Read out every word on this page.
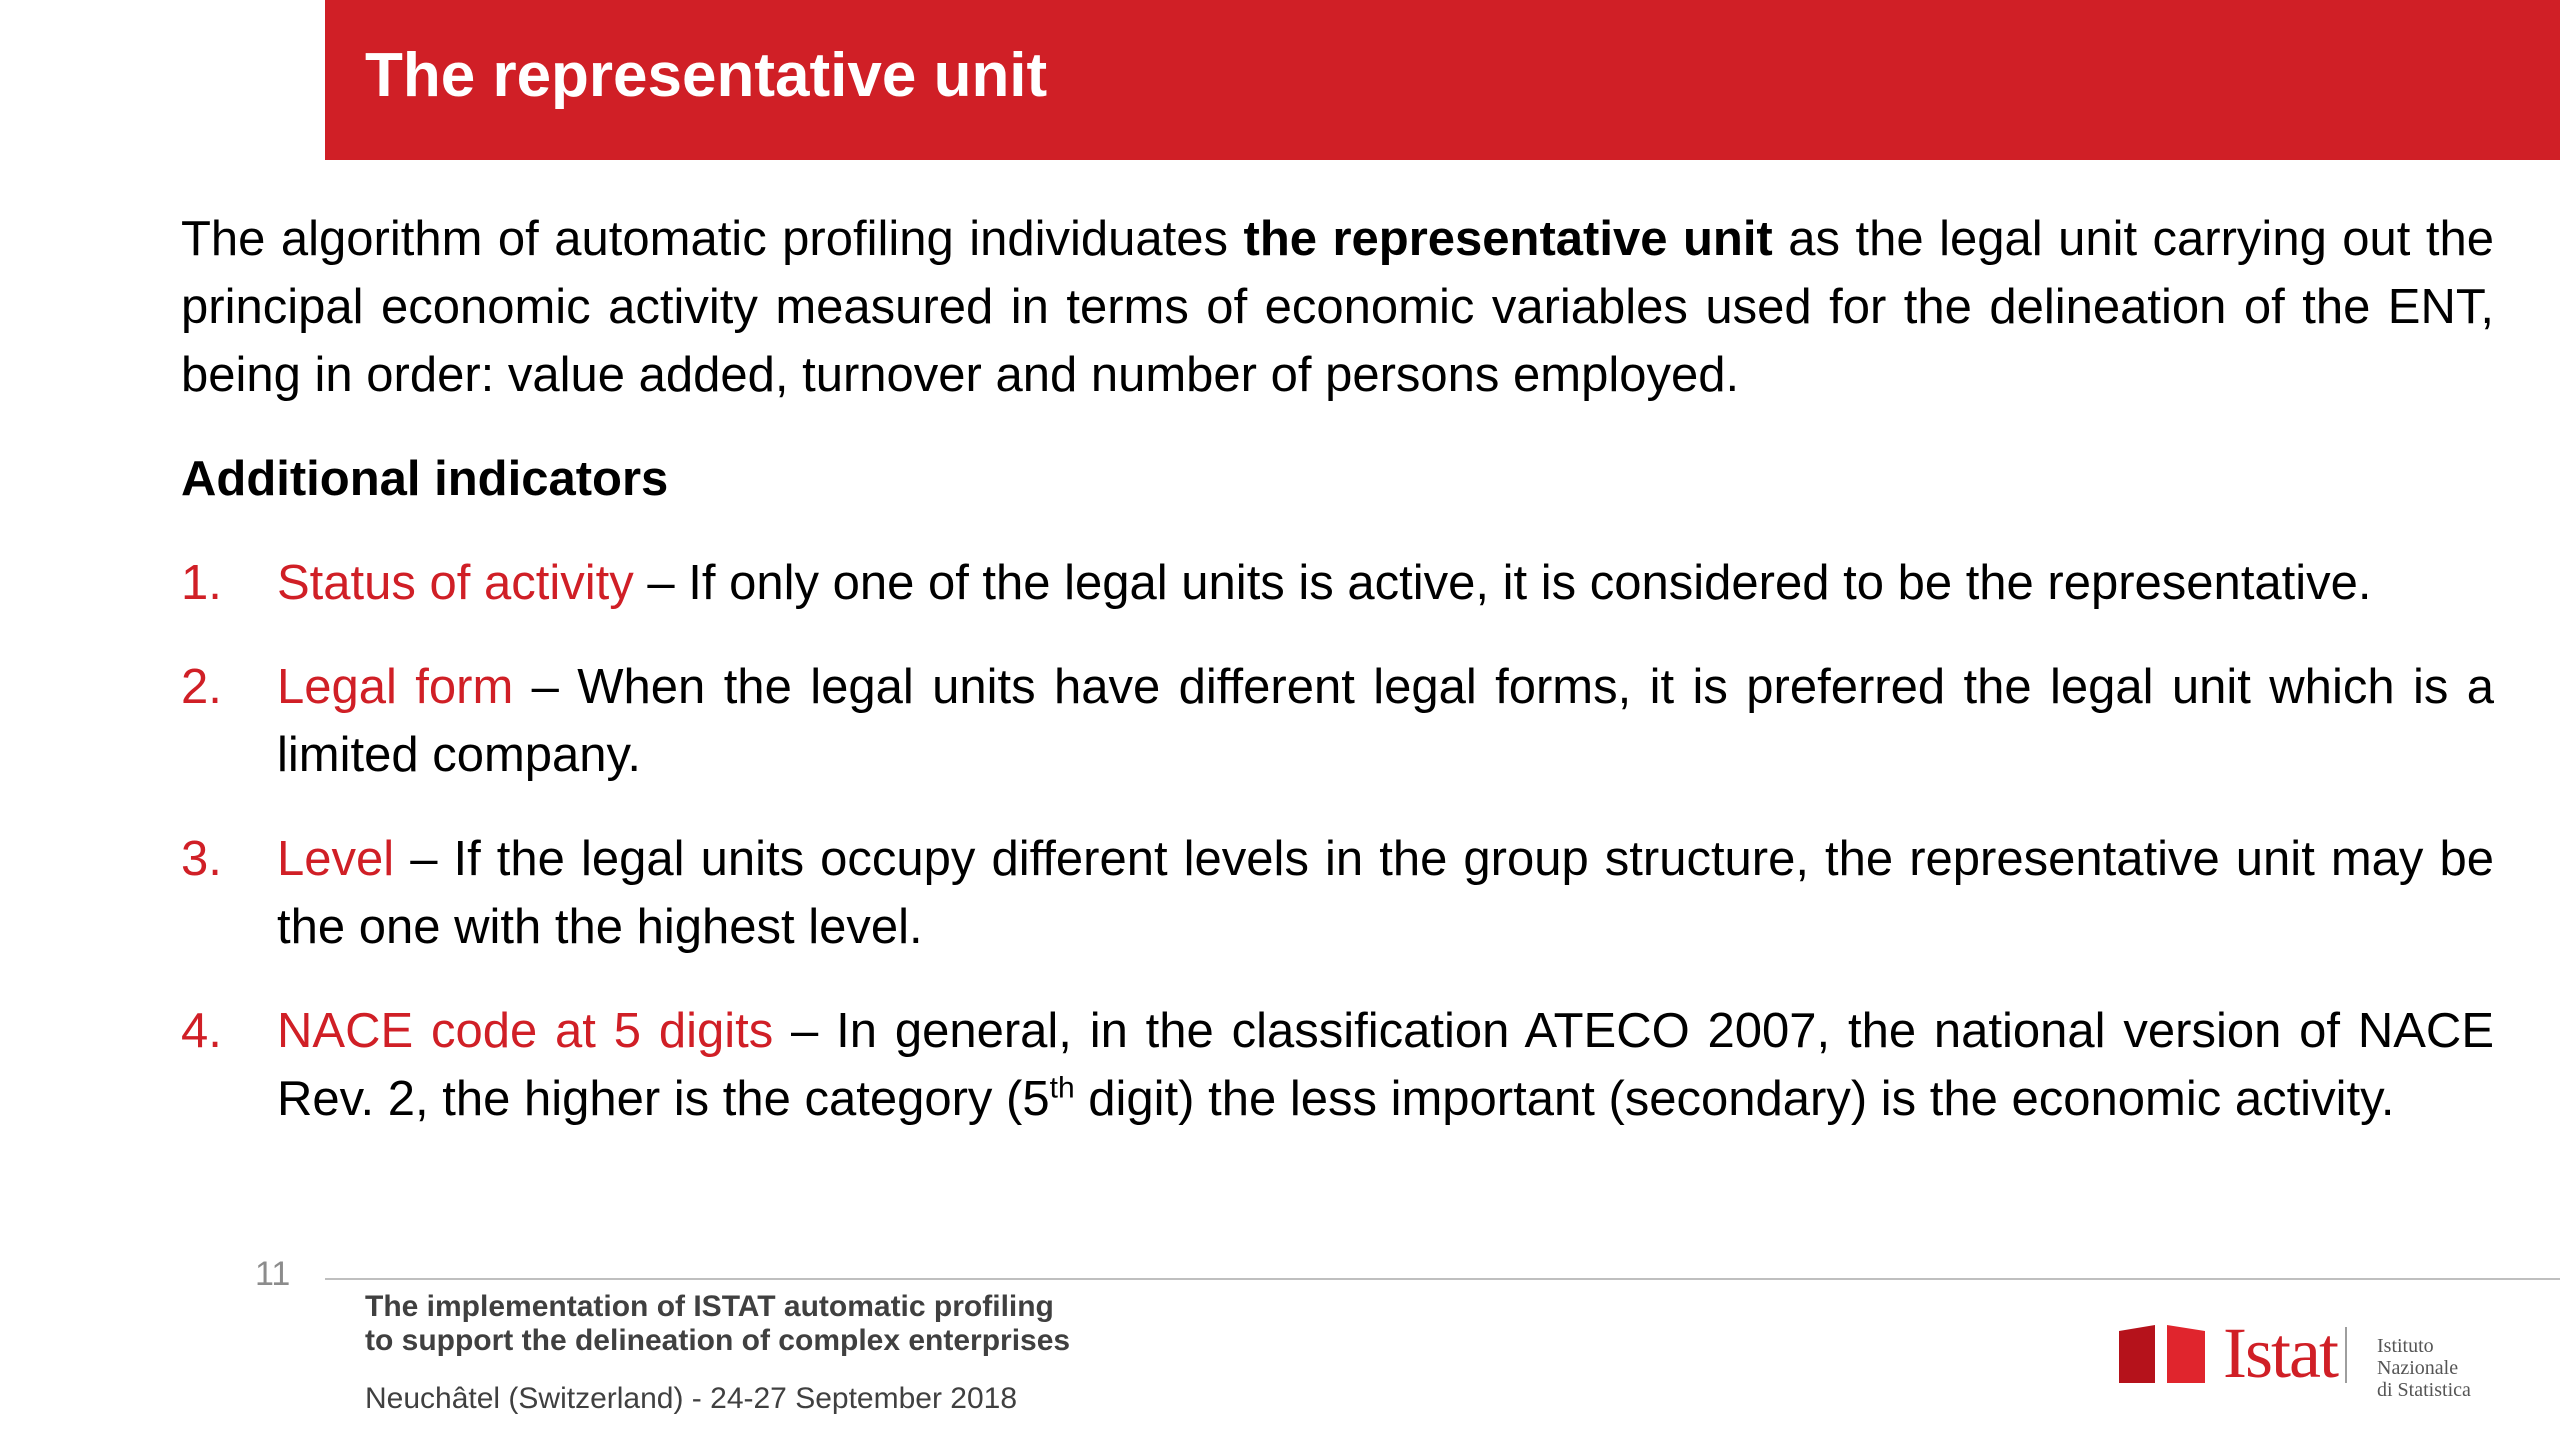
The representative unit

The algorithm of automatic profiling individuates the representative unit as the legal unit carrying out the principal economic activity measured in terms of economic variables used for the delineation of the ENT, being in order: value added, turnover and number of persons employed.

Additional indicators
1. Status of activity – If only one of the legal units is active, it is considered to be the representative.
2. Legal form – When the legal units have different legal forms, it is preferred the legal unit which is a limited company.
3. Level – If the legal units occupy different levels in the group structure, the representative unit may be the one with the highest level.
4. NACE code at 5 digits – In general, in the classification ATECO 2007, the national version of NACE Rev. 2, the higher is the category (5th digit) the less important (secondary) is the economic activity.
11
The implementation of ISTAT automatic profiling
to support the delineation of complex enterprises
Neuchâtel (Switzerland) - 24-27 September 2018
Istat Istituto Nazionale
di Statistica
